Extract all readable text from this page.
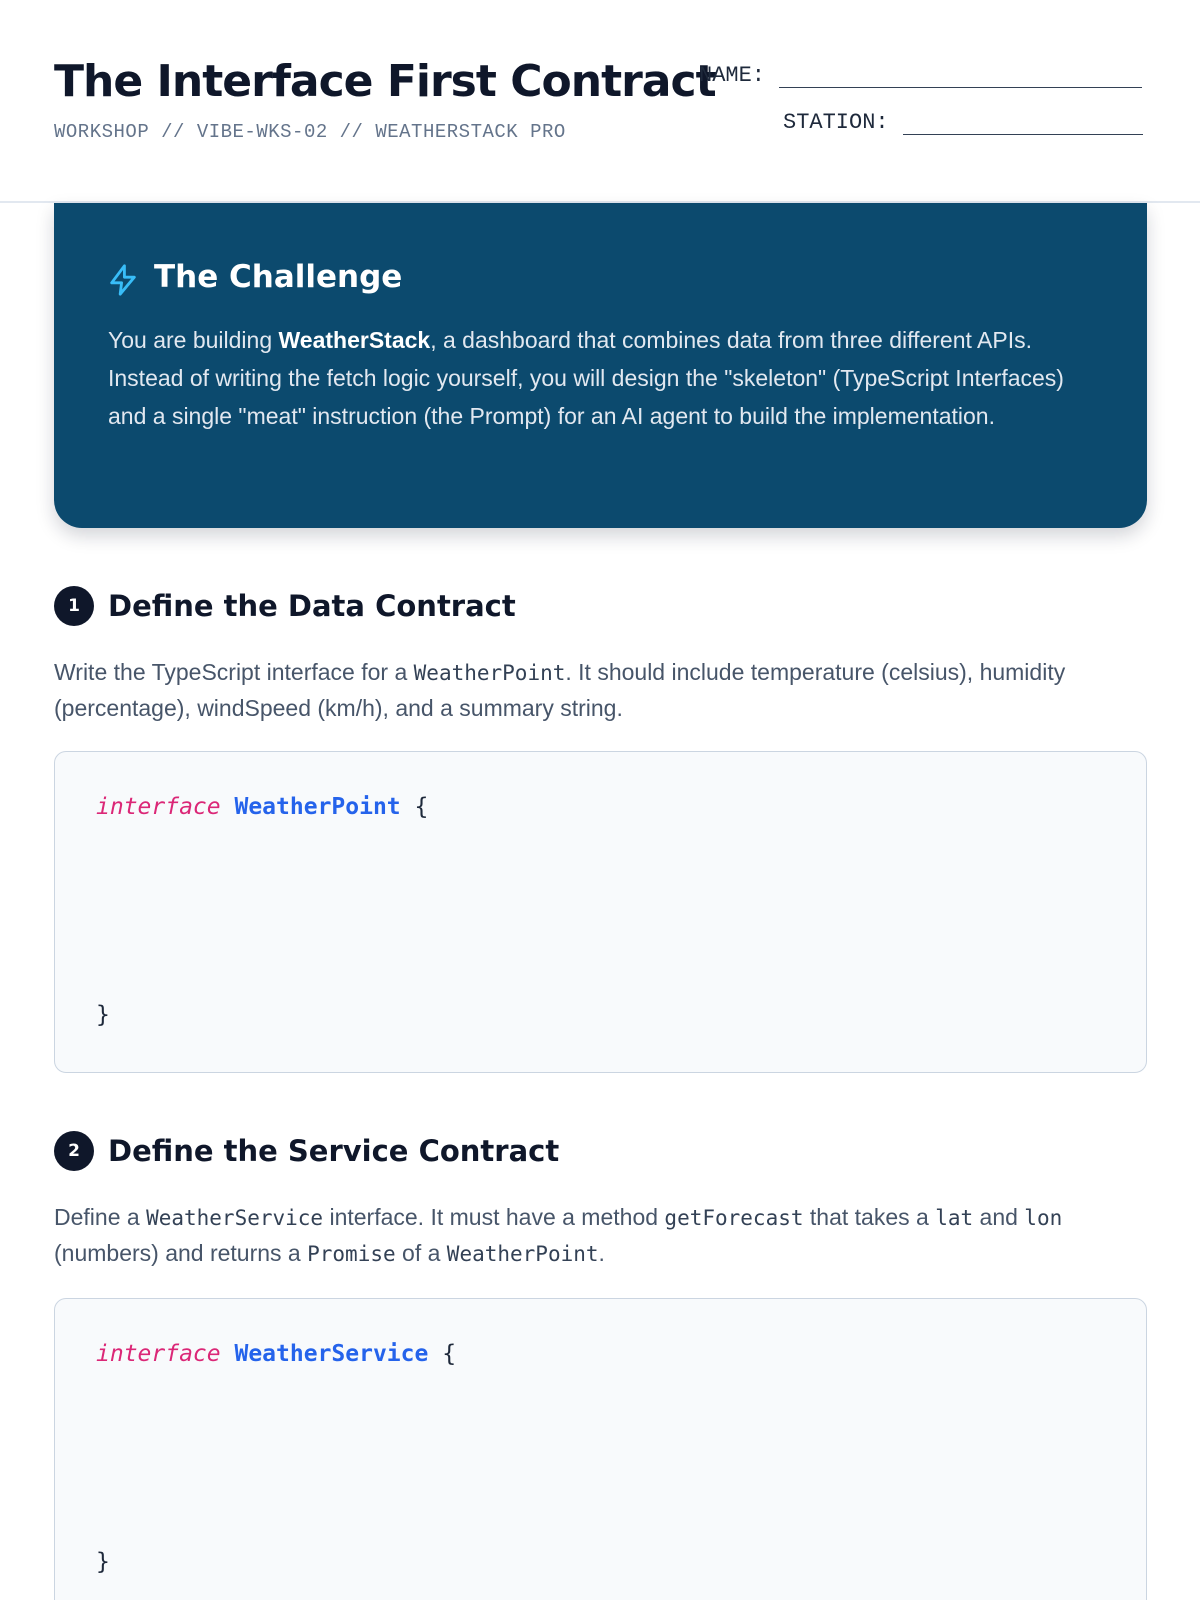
The Interface First Contract
WORKSHOP // VIBE-WKS-02 // WEATHERSTACK PRO
NAME:
STATION:
The Challenge
You are building WeatherStack, a dashboard that combines data from three different APIs. Instead of writing the fetch logic yourself, you will design the "skeleton" (TypeScript Interfaces) and a single "meat" instruction (the Prompt) for an AI agent to build the implementation.
1 Define the Data Contract
Write the TypeScript interface for a WeatherPoint. It should include temperature (celsius), humidity (percentage), windSpeed (km/h), and a summary string.
interface WeatherPoint {
}
2 Define the Service Contract
Define a WeatherService interface. It must have a method getForecast that takes a lat and lon (numbers) and returns a Promise of a WeatherPoint.
interface WeatherService {
}
